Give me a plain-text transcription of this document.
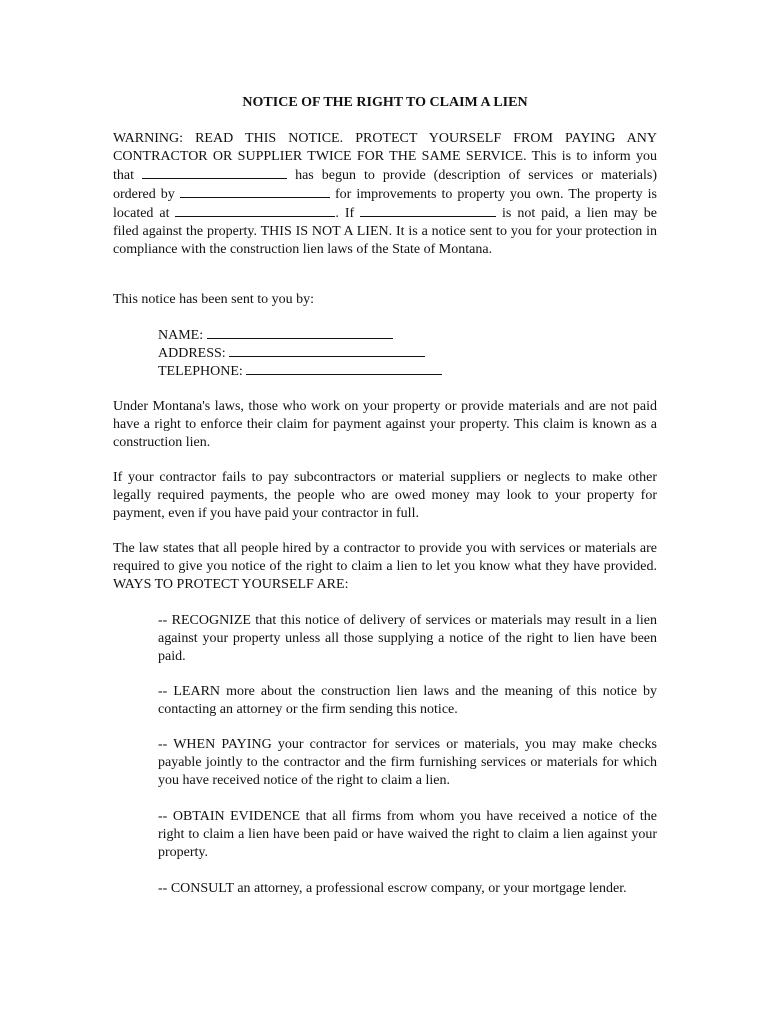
NOTICE OF THE RIGHT TO CLAIM A LIEN
WARNING: READ THIS NOTICE. PROTECT YOURSELF FROM PAYING ANY CONTRACTOR OR SUPPLIER TWICE FOR THE SAME SERVICE. This is to inform you that	has begun to provide (description of services or materials) ordered by	for improvements to property you own. The property is located at	. If	is not paid, a lien may be filed against the property. THIS IS NOT A LIEN. It is a notice sent to you for your protection in compliance with the construction lien laws of the State of Montana.
This notice has been sent to you by:
NAME:
ADDRESS:
TELEPHONE:
Under Montana's laws, those who work on your property or provide materials and are not paid have a right to enforce their claim for payment against your property. This claim is known as a construction lien.
If your contractor fails to pay subcontractors or material suppliers or neglects to make other legally required payments, the people who are owed money may look to your property for payment, even if you have paid your contractor in full.
The law states that all people hired by a contractor to provide you with services or materials are required to give you notice of the right to claim a lien to let you know what they have provided. WAYS TO PROTECT YOURSELF ARE:
-- RECOGNIZE that this notice of delivery of services or materials may result in a lien against your property unless all those supplying a notice of the right to lien have been paid.
-- LEARN more about the construction lien laws and the meaning of this notice by contacting an attorney or the firm sending this notice.
-- WHEN PAYING your contractor for services or materials, you may make checks payable jointly to the contractor and the firm furnishing services or materials for which you have received notice of the right to claim a lien.
-- OBTAIN EVIDENCE that all firms from whom you have received a notice of the right to claim a lien have been paid or have waived the right to claim a lien against your property.
-- CONSULT an attorney, a professional escrow company, or your mortgage lender.
